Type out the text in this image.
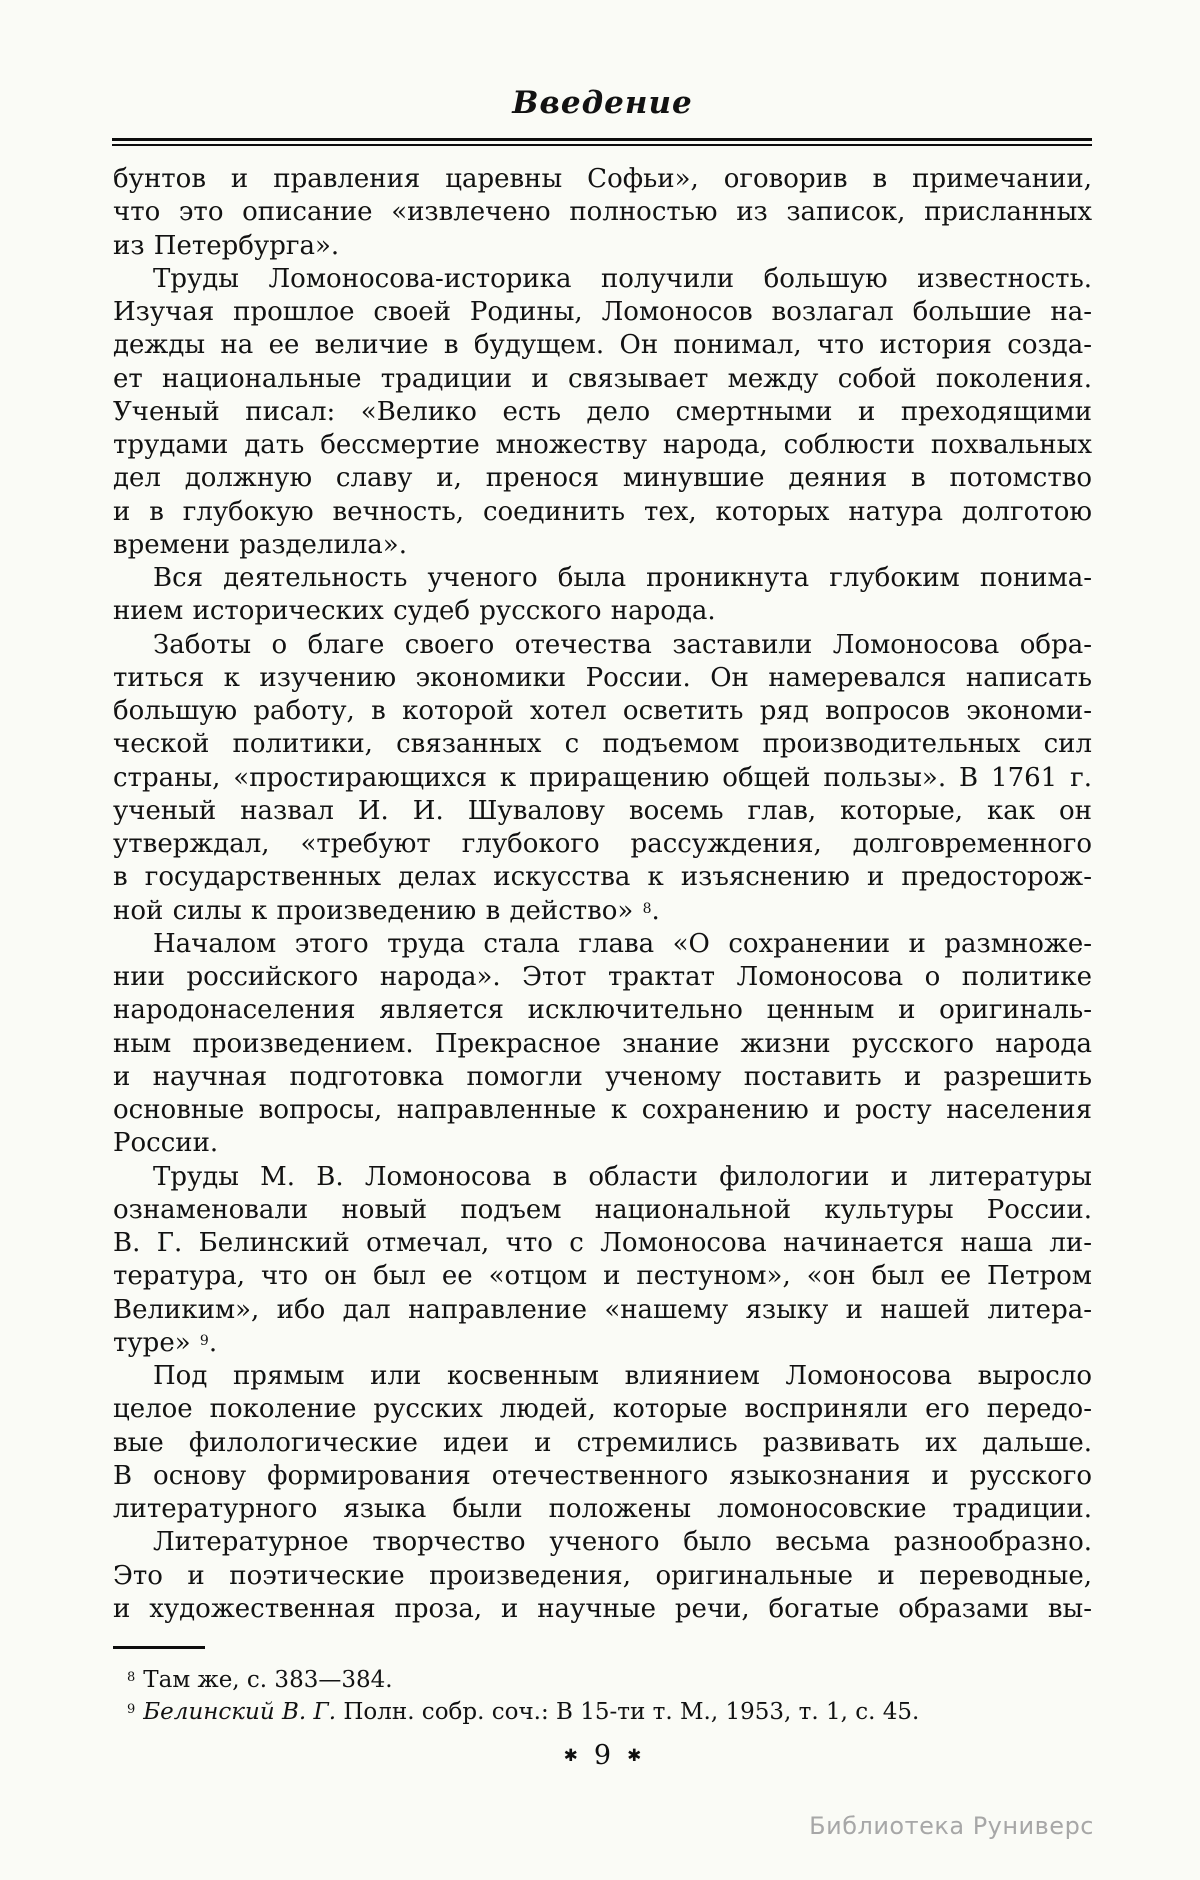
Введение
бунтов и правления царевны Софьи», оговорив в примечании,
что это описание «извлечено полностью из записок, присланных
из Петербурга».
Труды Ломоносова-историка получили большую известность.
Изучая прошлое своей Родины, Ломоносов возлагал большие на-
дежды на ее величие в будущем. Он понимал, что история созда-
ет национальные традиции и связывает между собой поколения.
Ученый писал: «Велико есть дело смертными и преходящими
трудами дать бессмертие множеству народа, соблюсти похвальных
дел должную славу и, пренося минувшие деяния в потомство
и в глубокую вечность, соединить тех, которых натура долготою
времени разделила».
Вся деятельность ученого была проникнута глубоким понима-
нием исторических судеб русского народа.
Заботы о благе своего отечества заставили Ломоносова обра-
титься к изучению экономики России. Он намеревался написать
большую работу, в которой хотел осветить ряд вопросов экономи-
ческой политики, связанных с подъемом производительных сил
страны, «простирающихся к приращению общей пользы». В 1761 г.
ученый назвал И. И. Шувалову восемь глав, которые, как он
утверждал, «требуют глубокого рассуждения, долговременного
в государственных делах искусства к изъяснению и предосторож-
ной силы к произведению в действо» $^8$.
Началом этого труда стала глава «О сохранении и размноже-
нии российского народа». Этот трактат Ломоносова о политике
народонаселения является исключительно ценным и оригиналь-
ным произведением. Прекрасное знание жизни русского народа
и научная подготовка помогли ученому поставить и разрешить
основные вопросы, направленные к сохранению и росту населения
России.
Труды М. В. Ломоносова в области филологии и литературы
ознаменовали новый подъем национальной культуры России.
В. Г. Белинский отмечал, что с Ломоносова начинается наша ли-
тература, что он был ее «отцом и пестуном», «он был ее Петром
Великим», ибо дал направление «нашему языку и нашей литера-
туре» $^9$.
Под прямым или косвенным влиянием Ломоносова выросло
целое поколение русских людей, которые восприняли его передо-
вые филологические идеи и стремились развивать их дальше.
В основу формирования отечественного языкознания и русского
литературного языка были положены ломоносовские традиции.
Литературное творчество ученого было весьма разнообразно.
Это и поэтические произведения, оригинальные и переводные,
и художественная проза, и научные речи, богатые образами вы-
$^8$ Там же, с. 383—384.
$^9$ Белинский В. Г. Полн. собр. соч.: В 15-ти т. М., 1953, т. 1, с. 45.
✱ 9 ✱
Библиотека Руниверс
